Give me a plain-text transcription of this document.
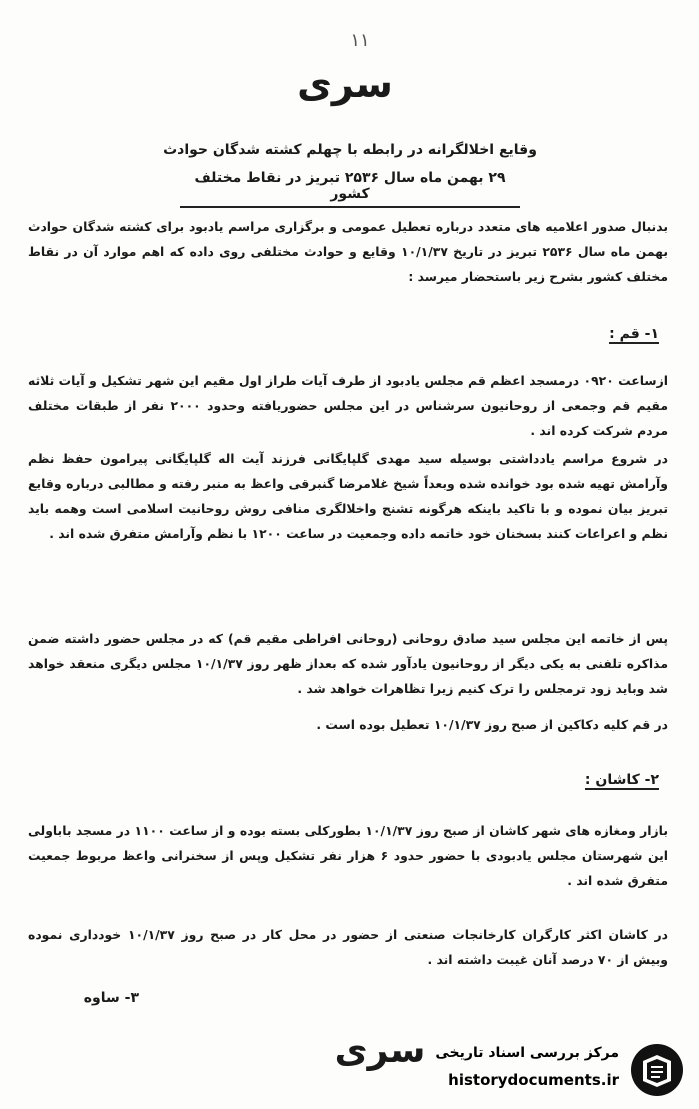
۱۱
سری
وقایع اخلالگرانه در رابطه با چهلم کشته شدگان حوادث
۲۹ بهمن ماه سال ۲۵۳۶ تبریز در نقاط مختلف کشور
بدنبال صدور اعلامیه های متعدد درباره تعطیل عمومی و برگزاری مراسم یادبود برای کشته شدگان حوادث بهمن ماه سال ۲۵۳۶ تبریز در تاریخ ۱۰/۱/۳۷ وقایع و حوادث مختلفی روی داده که اهم موارد آن در نقاط مختلف کشور بشرح زیر باستحضار میرسد :
۱- قم :
ازساعت ۰۹۲۰ درمسجد اعظم قم مجلس یادبود از طرف آیات طراز اول مقیم این شهر تشکیل و آیات ثلاثه مقیم قم وجمعی از روحانیون سرشناس در این مجلس حضوریافته وحدود ۲۰۰۰ نفر از طبقات مختلف مردم شرکت کرده اند .
در شروع مراسم یادداشتی بوسیله سید مهدی گلپایگانی فرزند آیت اله گلپایگانی پیرامون حفظ نظم وآرامش تهیه شده بود خوانده شده وبعداً شیخ غلامرضا گنبرقی واعظ به منبر رفته و مطالبی درباره وقایع تبریز بیان نموده و با تاکید باینکه هرگونه تشنج واخلالگری منافی روش روحانیت اسلامی است وهمه باید نظم و اعراعات کنند بسخنان خود خاتمه داده وجمعیت در ساعت ۱۲۰۰ با نظم وآرامش متفرق شده اند .
پس از خاتمه این مجلس سید صادق روحانی (روحانی افراطی مقیم قم) که در مجلس حضور داشته ضمن مذاکره تلفنی به یکی دیگر از روحانیون یادآور شده که بعداز ظهر روز ۱۰/۱/۳۷ مجلس دیگری منعقد خواهد شد وباید زود ترمجلس را ترک کنیم زیرا تظاهرات خواهد شد .
در قم کلیه دکاکین از صبح روز ۱۰/۱/۳۷ تعطیل بوده است .
۲- کاشان :
بازار ومغازه های شهر کاشان از صبح روز ۱۰/۱/۳۷ بطورکلی بسته بوده و از ساعت ۱۱۰۰ در مسجد باباولی این شهرستان مجلس یادبودی با حضور حدود ۶ هزار نفر تشکیل وپس از سخنرانی واعظ مربوط جمعیت متفرق شده اند .
در کاشان اکثر کارگران کارخانجات صنعتی از حضور در محل کار در صبح روز ۱۰/۱/۳۷ خودداری نموده وبیش از ۷۰ درصد آنان غیبت داشته اند .
۳- ساوه
سری مرکز بررسی اسناد تاریخی
historydocuments.ir
